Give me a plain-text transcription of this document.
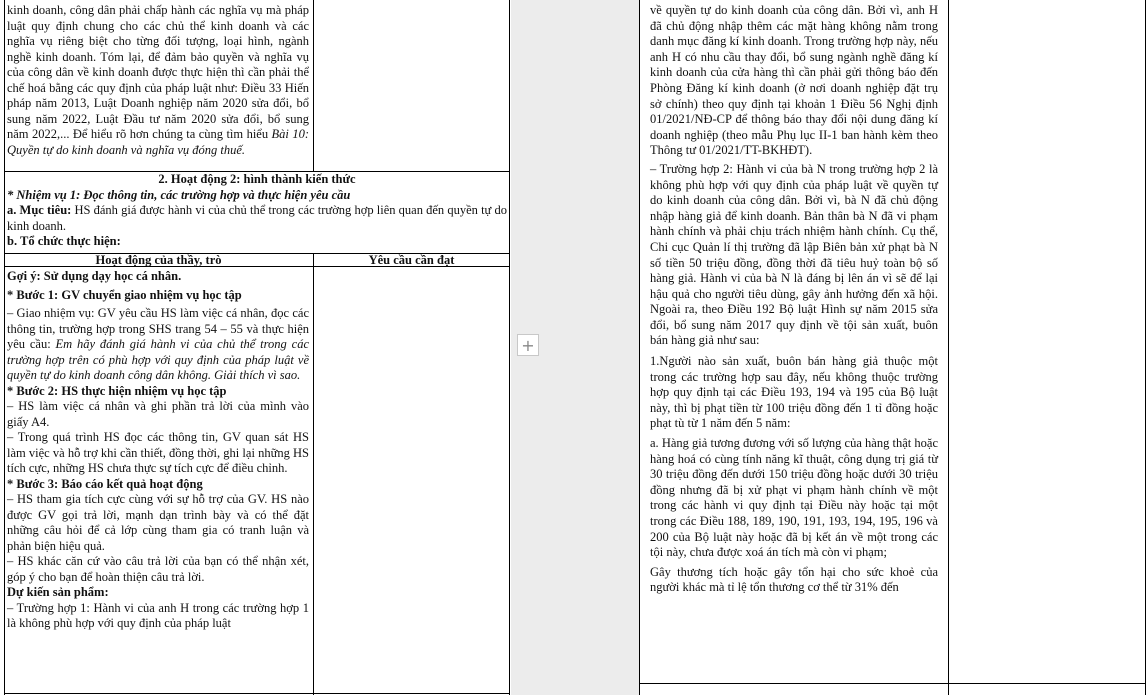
kinh doanh, công dân phải chấp hành các nghĩa vụ mà pháp luật quy định chung cho các chủ thể kinh doanh và các nghĩa vụ riêng biệt cho từng đối tượng, loại hình, ngành nghề kinh doanh. Tóm lại, để đảm bảo quyền và nghĩa vụ của công dân về kinh doanh được thực hiện thì cần phải thể chế hoá bằng các quy định của pháp luật như: Điều 33 Hiến pháp năm 2013, Luật Doanh nghiệp năm 2020 sửa đổi, bổ sung năm 2022, Luật Đầu tư năm 2020 sửa đổi, bổ sung năm 2022,... Để hiểu rõ hơn chúng ta cùng tìm hiểu Bài 10: Quyền tự do kinh doanh và nghĩa vụ đóng thuế.

2. Hoạt động 2: hình thành kiến thức

* Nhiệm vụ 1: Đọc thông tin, các trường hợp và thực hiện yêu cầu

a. Mục tiêu: HS đánh giá được hành vi của chủ thể trong các trường hợp liên quan đến quyền tự do kinh doanh.

b. Tổ chức thực hiện:

Hoạt động của thầy, trò	Yêu cầu cần đạt

Gợi ý: Sử dụng dạy học cá nhân.

* Bước 1: GV chuyển giao nhiệm vụ học tập

– Giao nhiệm vụ: GV yêu cầu HS làm việc cá nhân, đọc các thông tin, trường hợp trong SHS trang 54 – 55 và thực hiện yêu cầu: Em hãy đánh giá hành vi của chủ thể trong các trường hợp trên có phù hợp với quy định của pháp luật về quyền tự do kinh doanh công dân không. Giải thích vì sao.

* Bước 2: HS thực hiện nhiệm vụ học tập

– HS làm việc cá nhân và ghi phần trả lời của mình vào giấy A4.

– Trong quá trình HS đọc các thông tin, GV quan sát HS làm việc và hỗ trợ khi cần thiết, đồng thời, ghi lại những HS tích cực, những HS chưa thực sự tích cực để điều chỉnh.

* Bước 3: Báo cáo kết quả hoạt động

– HS tham gia tích cực cùng với sự hỗ trợ của GV. HS nào được GV gọi trả lời, mạnh dạn trình bày và có thể đặt những câu hỏi để cả lớp cùng tham gia có tranh luận và phản biện hiệu quả.

– HS khác căn cứ vào câu trả lời của bạn có thể nhận xét, góp ý cho bạn để hoàn thiện câu trả lời.

Dự kiến sản phẩm:

– Trường hợp 1: Hành vi của anh H trong các trường hợp 1 là không phù hợp với quy định của pháp luật

+

về quyền tự do kinh doanh của công dân. Bởi vì, anh H đã chủ động nhập thêm các mặt hàng không nằm trong danh mục đăng kí kinh doanh. Trong trường hợp này, nếu anh H có nhu cầu thay đổi, bổ sung ngành nghề đăng kí kinh doanh của cửa hàng thì cần phải gửi thông báo đến Phòng Đăng kí kinh doanh (ở nơi doanh nghiệp đặt trụ sở chính) theo quy định tại khoản 1 Điều 56 Nghị định 01/2021/NĐ-CP để thông báo thay đổi nội dung đăng kí doanh nghiệp (theo mẫu Phụ lục II-1 ban hành kèm theo Thông tư 01/2021/TT-BKHĐT).

– Trường hợp 2: Hành vi của bà N trong trường hợp 2 là không phù hợp với quy định của pháp luật về quyền tự do kinh doanh của công dân. Bởi vì, bà N đã chủ động nhập hàng giả để kinh doanh. Bản thân bà N đã vi phạm hành chính và phải chịu trách nhiệm hành chính. Cụ thể, Chi cục Quản lí thị trường đã lập Biên bản xử phạt bà N số tiền 50 triệu đồng, đồng thời đã tiêu huỷ toàn bộ số hàng giả. Hành vi của bà N là đáng bị lên án vì sẽ để lại hậu quả cho người tiêu dùng, gây ảnh hưởng đến xã hội. Ngoài ra, theo Điều 192 Bộ luật Hình sự năm 2015 sửa đổi, bổ sung năm 2017 quy định về tội sản xuất, buôn bán hàng giả như sau:

1.Người nào sản xuất, buôn bán hàng giả thuộc một trong các trường hợp sau đây, nếu không thuộc trường hợp quy định tại các Điều 193, 194 và 195 của Bộ luật này, thì bị phạt tiền từ 100 triệu đồng đến 1 tỉ đồng hoặc phạt tù từ 1 năm đến 5 năm:

a. Hàng giả tương đương với số lượng của hàng thật hoặc hàng hoá có cùng tính năng kĩ thuật, công dụng trị giá từ 30 triệu đồng đến dưới 150 triệu đồng hoặc dưới 30 triệu đồng nhưng đã bị xử phạt vi phạm hành chính về một trong các hành vi quy định tại Điều này hoặc tại một trong các Điều 188, 189, 190, 191, 193, 194, 195, 196 và 200 của Bộ luật này hoặc đã bị kết án về một trong các tội này, chưa được xoá án tích mà còn vi phạm;

Gây thương tích hoặc gây tổn hại cho sức khoẻ của người khác mà tỉ lệ tổn thương cơ thể từ 31% đến
